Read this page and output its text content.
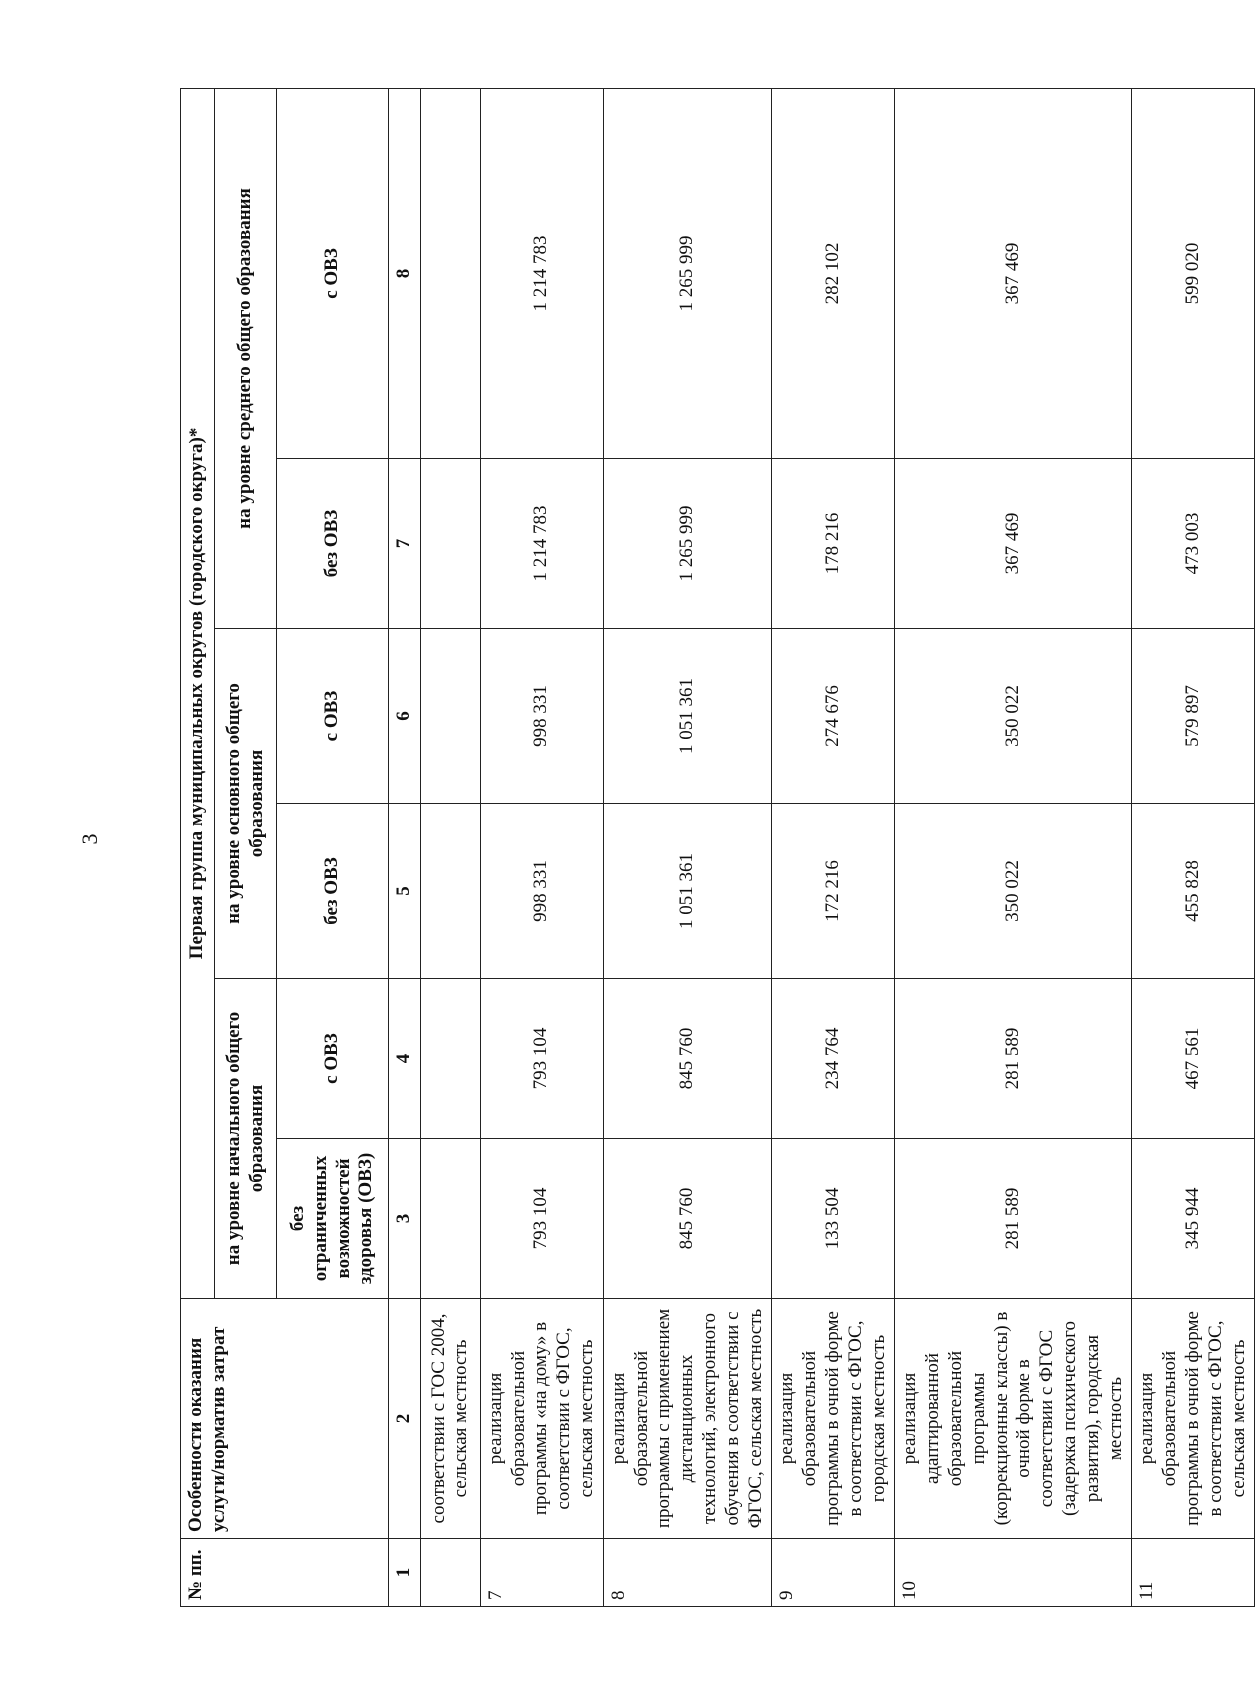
3
№ пп.	Особенности оказания услуги/норматив затрат	Первая группа муниципальных округов (городского округа)*					
		на уровне начального общего образования		на уровне основного общего образования		на уровне среднего общего образования	
		без ограниченных возможностей здоровья (ОВЗ)	с ОВЗ	без ОВЗ	с ОВЗ	без ОВЗ	с ОВЗ
1	2	3	4	5	6	7	8
	соответствии с ГОС 2004, сельская местность						
7	реализация образовательной программы «на дому» в соответствии с ФГОС, сельская местность	793 104	793 104	998 331	998 331	1 214 783	1 214 783
8	реализация образовательной программы с применением дистанционных технологий, электронного обучения в соответствии с ФГОС, сельская местность	845 760	845 760	1 051 361	1 051 361	1 265 999	1 265 999
9	реализация образовательной программы в очной форме в соответствии с ФГОС, городская местность	133 504	234 764	172 216	274 676	178 216	282 102
10	реализация адаптированной образовательной программы (коррекционные классы) в очной форме в соответствии с ФГОС (задержка психического развития), городская местность	281 589	281 589	350 022	350 022	367 469	367 469
11	реализация образовательной программы в очной форме в соответствии с ФГОС, сельская местность	345 944	467 561	455 828	579 897	473 003	599 020
